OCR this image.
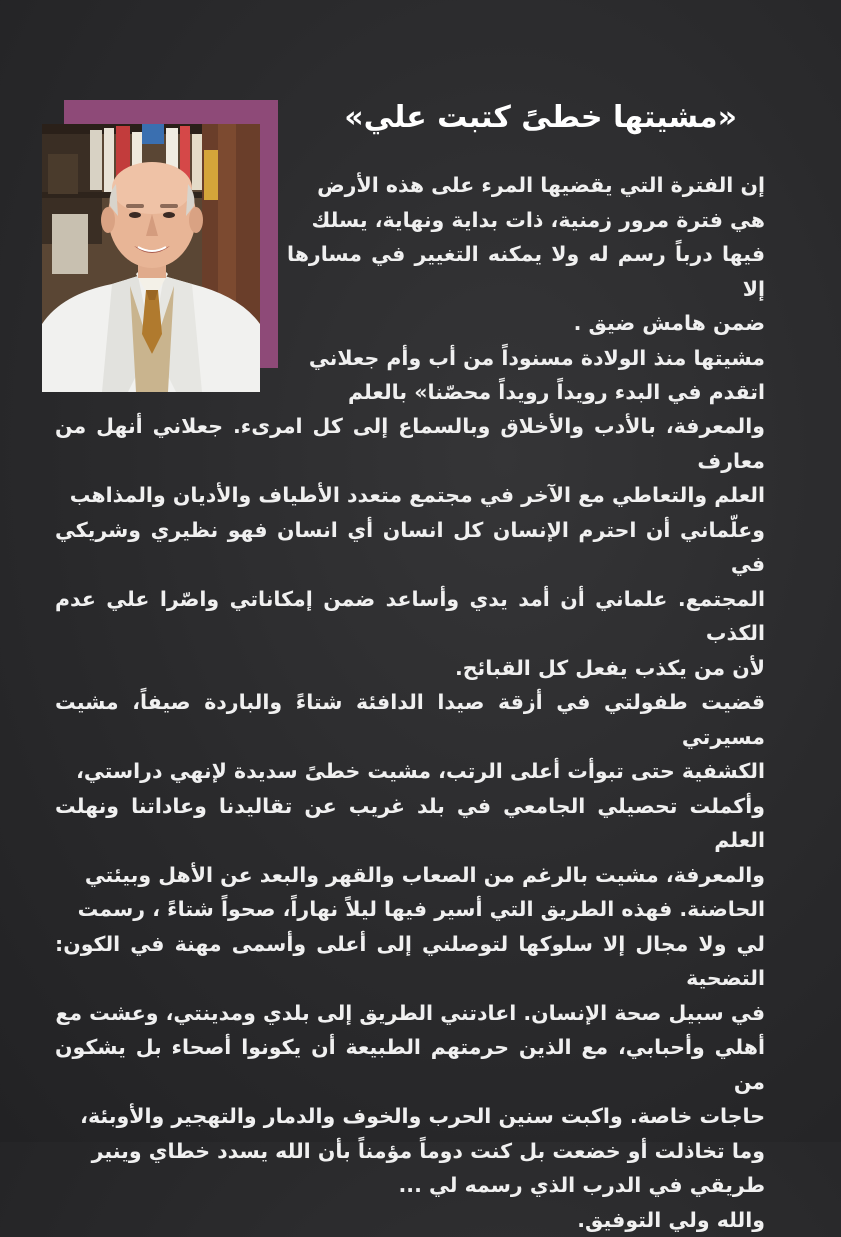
«مشيتها خطىً كتبت علي»
إن الفترة التي يقضيها المرء على هذه الأرض
هي فترة مرور زمنية، ذات بداية ونهاية، يسلك
فيها درباً رسم له ولا يمكنه التغيير في مسارها إلا
ضمن هامش ضيق .
مشيتها منذ الولادة مسنوداً من أب وأم جعلاني
اتقدم في البدء رويداً رويداً محصّنا» بالعلم
والمعرفة، بالأدب والأخلاق وبالسماع إلى كل امرىء. جعلاني أنهل من معارف
العلم والتعاطي مع الآخر في مجتمع متعدد الأطياف والأديان والمذاهب
وعلّماني أن احترم الإنسان كل انسان أي انسان فهو نظيري وشريكي في
المجتمع. علماني أن أمد يدي وأساعد ضمن إمكاناتي واصّرا علي عدم الكذب
لأن من يكذب يفعل كل القبائح.
قضيت طفولتي في أزقة صيدا الدافئة شتاءً والباردة صيفاً، مشيت مسيرتي
الكشفية حتى تبوأت أعلى الرتب، مشيت خطىً سديدة لإنهي دراستي،
وأكملت تحصيلي الجامعي في بلد غريب عن تقاليدنا وعاداتنا ونهلت العلم
والمعرفة، مشيت بالرغم من الصعاب والقهر والبعد عن الأهل وبيئتي
الحاضنة. فهذه الطريق التي أسير فيها ليلاً نهاراً، صحواً شتاءً ، رسمت
لي ولا مجال إلا سلوكها لتوصلني إلى أعلى وأسمى مهنة في الكون: التضحية
في سبيل صحة الإنسان. اعادتني الطريق إلى بلدي ومدينتي، وعشت مع
أهلي وأحبابي، مع الذين حرمتهم الطبيعة أن يكونوا أصحاء بل يشكون من
حاجات خاصة. واكبت سنين الحرب والخوف والدمار والتهجير والأوبئة،
وما تخاذلت أو خضعت بل كنت دوماً مؤمناً بأن الله يسدد خطاي وينير
طريقي في الدرب الذي رسمه لي ...
والله ولي التوفيق.
